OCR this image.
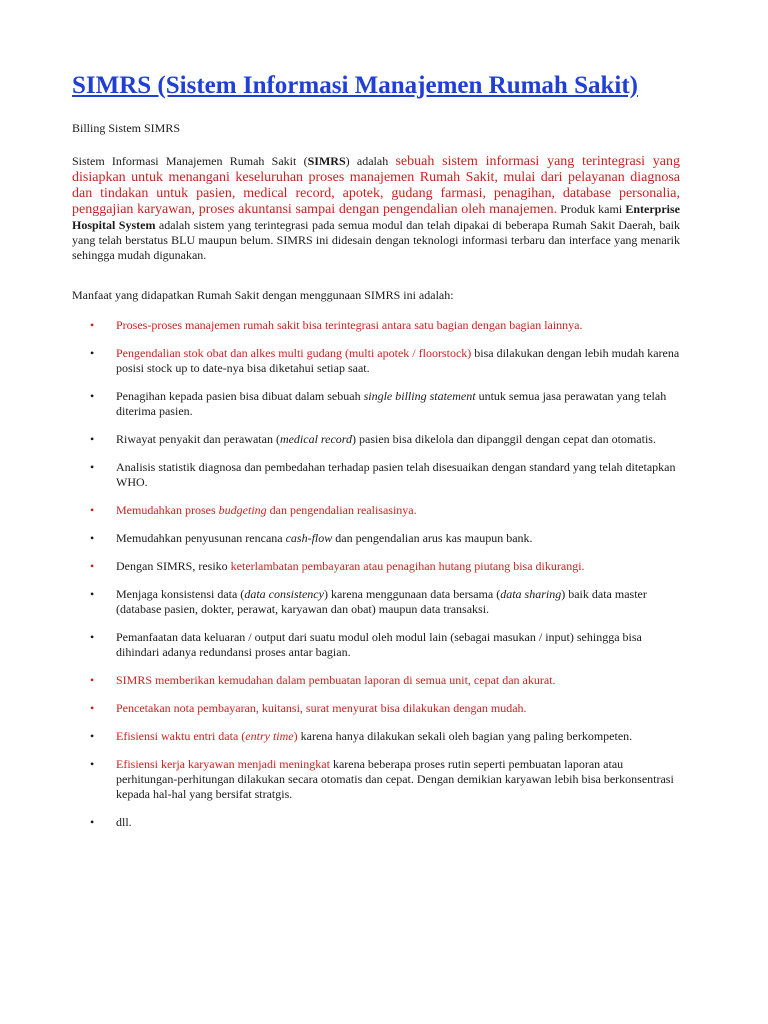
SIMRS (Sistem Informasi Manajemen Rumah Sakit)

Billing Sistem SIMRS

Sistem Informasi Manajemen Rumah Sakit (SIMRS) adalah sebuah sistem informasi yang terintegrasi yang disiapkan untuk menangani keseluruhan proses manajemen Rumah Sakit, mulai dari pelayanan diagnosa dan tindakan untuk pasien, medical record, apotek, gudang farmasi, penagihan, database personalia, penggajian karyawan, proses akuntansi sampai dengan pengendalian oleh manajemen. Produk kami Enterprise Hospital System adalah sistem yang terintegrasi pada semua modul dan telah dipakai di beberapa Rumah Sakit Daerah, baik yang telah berstatus BLU maupun belum. SIMRS ini didesain dengan teknologi informasi terbaru dan interface yang menarik sehingga mudah digunakan.

Manfaat yang didapatkan Rumah Sakit dengan menggunaan SIMRS ini adalah:

• Proses-proses manajemen rumah sakit bisa terintegrasi antara satu bagian dengan bagian lainnya.
• Pengendalian stok obat dan alkes multi gudang (multi apotek / floorstock) bisa dilakukan dengan lebih mudah karena posisi stock up to date-nya bisa diketahui setiap saat.
• Penagihan kepada pasien bisa dibuat dalam sebuah single billing statement untuk semua jasa perawatan yang telah diterima pasien.
• Riwayat penyakit dan perawatan (medical record) pasien bisa dikelola dan dipanggil dengan cepat dan otomatis.
• Analisis statistik diagnosa dan pembedahan terhadap pasien telah disesuaikan dengan standard yang telah ditetapkan WHO.
• Memudahkan proses budgeting dan pengendalian realisasinya.
• Memudahkan penyusunan rencana cash-flow dan pengendalian arus kas maupun bank.
• Dengan SIMRS, resiko keterlambatan pembayaran atau penagihan hutang piutang bisa dikurangi.
• Menjaga konsistensi data (data consistency) karena menggunaan data bersama (data sharing) baik data master (database pasien, dokter, perawat, karyawan dan obat) maupun data transaksi.
• Pemanfaatan data keluaran / output dari suatu modul oleh modul lain (sebagai masukan / input) sehingga bisa dihindari adanya redundansi proses antar bagian.
• SIMRS memberikan kemudahan dalam pembuatan laporan di semua unit, cepat dan akurat.
• Pencetakan nota pembayaran, kuitansi, surat menyurat bisa dilakukan dengan mudah.
• Efisiensi waktu entri data (entry time) karena hanya dilakukan sekali oleh bagian yang paling berkompeten.
• Efisiensi kerja karyawan menjadi meningkat karena beberapa proses rutin seperti pembuatan laporan atau perhitungan-perhitungan dilakukan secara otomatis dan cepat. Dengan demikian karyawan lebih bisa berkonsentrasi kepada hal-hal yang bersifat stratgis.
• dll.
